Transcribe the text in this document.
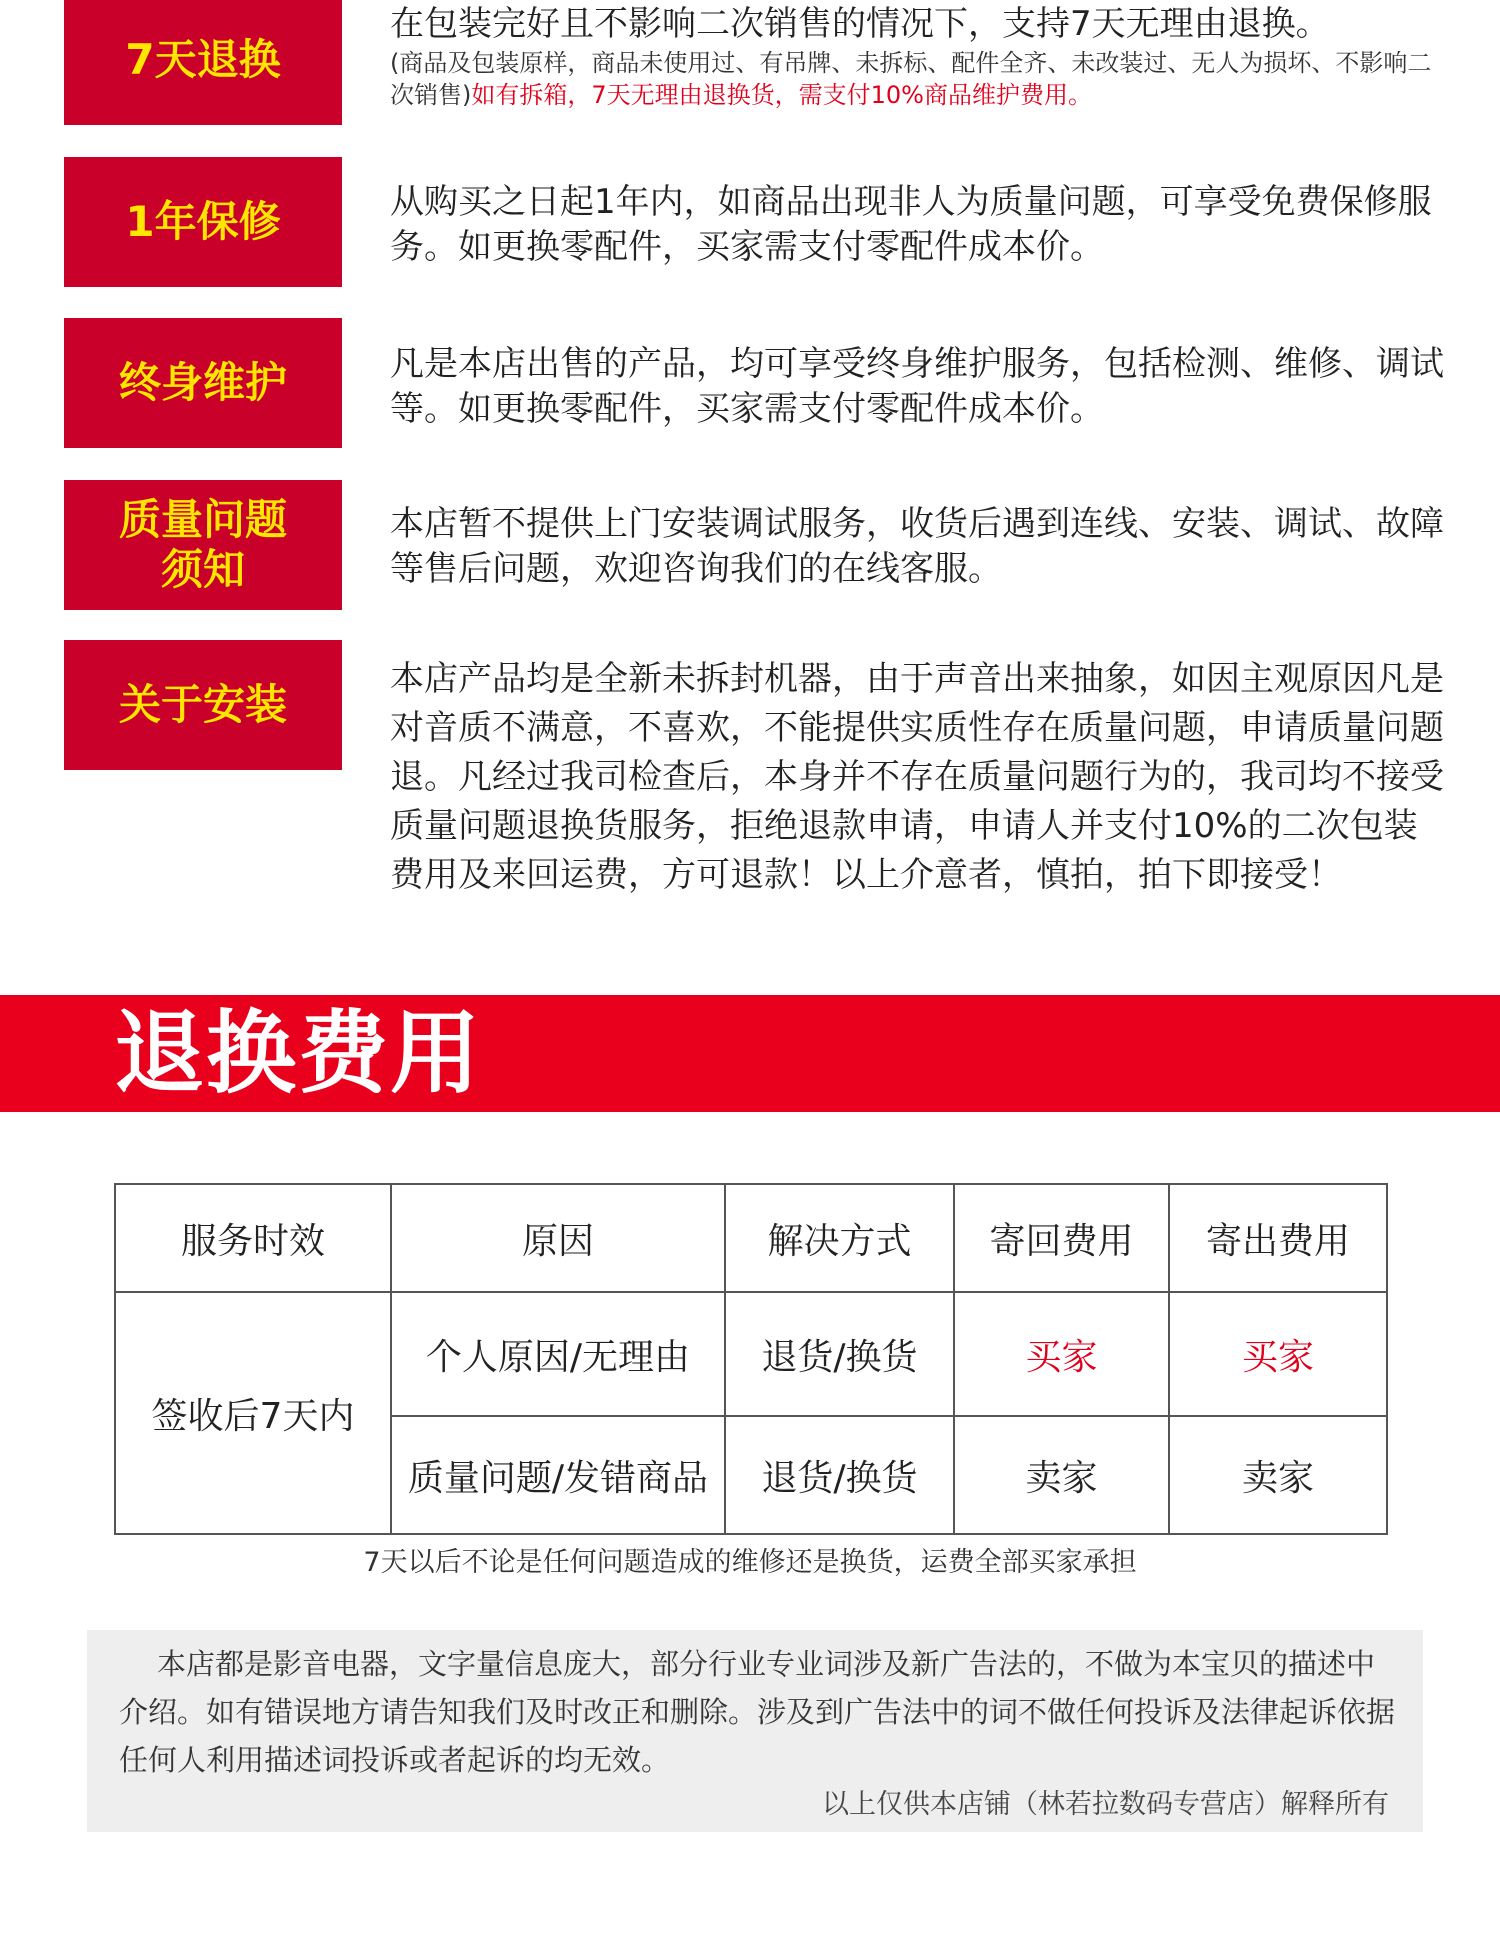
7天退换

在包装完好且不影响二次销售的情况下，支持7天无理由退换。

(商品及包装原样，商品未使用过、有吊牌、未拆标、配件全齐、未改装过、无人为损坏、不影响二次销售)如有拆箱，7天无理由退换货，需支付10%商品维护费用。
1年保修	从购买之日起1年内，如商品出现非人为质量问题，可享受免费保修服务。如更换零配件，买家需支付零配件成本价。

终身维护	凡是本店出售的产品，均可享受终身维护服务，包括检测、维修、调试等。如更换零配件，买家需支付零配件成本价。

质量问题
须知

本店暂不提供上门安装调试服务，收货后遇到连线、安装、调试、故障等售后问题，欢迎咨询我们的在线客服。

关于安装

本店产品均是全新未拆封机器，由于声音出来抽象，如因主观原因凡是对音质不满意，不喜欢，不能提供实质性存在质量问题，申请质量问题退。凡经过我司检查后，本身并不存在质量问题行为的，我司均不接受质量问题退换货服务，拒绝退款申请，申请人并支付10%的二次包装费用及来回运费，方可退款！以上介意者，慎拍，拍下即接受！

退换费用
服务时效	原因	解决方式	寄回费用	寄出费用
签收后7天内	个人原因/无理由	退货/换货	买家	买家
	质量问题/发错商品	退货/换货	卖家	卖家
7天以后不论是任何问题造成的维修还是换货，运费全部买家承担
本店都是影音电器，文字量信息庞大，部分行业专业词涉及新广告法的，不做为本宝贝的描述中介绍。如有错误地方请告知我们及时改正和删除。涉及到广告法中的词不做任何投诉及法律起诉依据任何人利用描述词投诉或者起诉的均无效。
以上仅供本店铺（林若拉数码专营店）解释所有
